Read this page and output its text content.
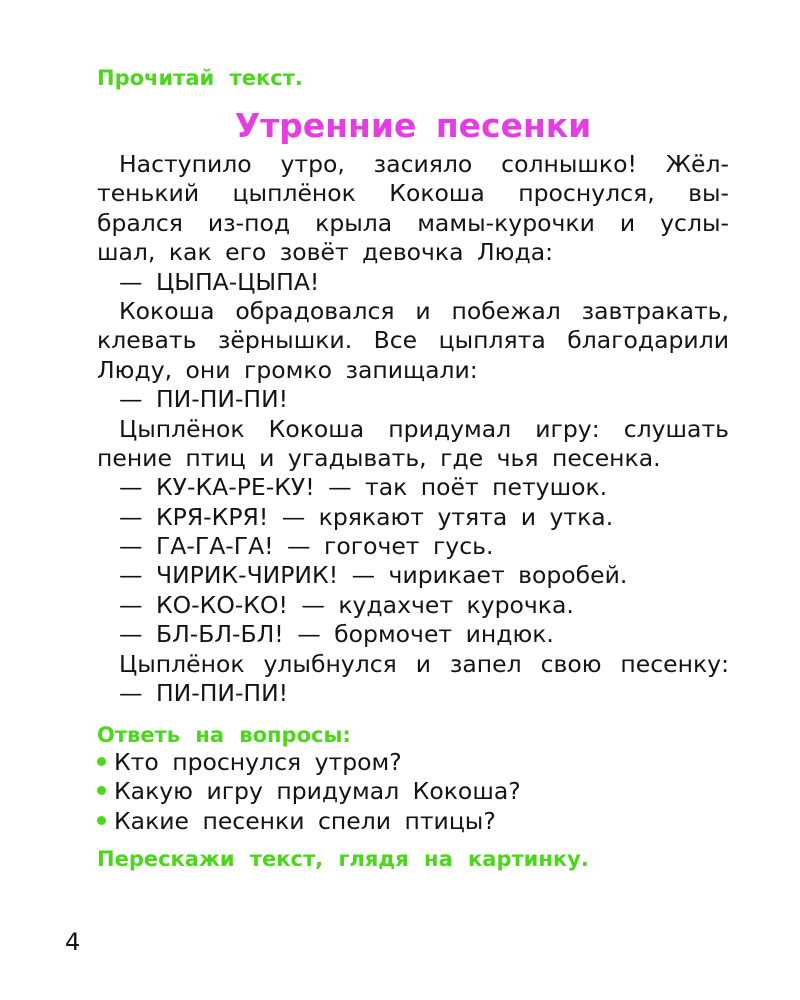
Прочитай текст.
Утренние песенки
Наступило утро, засияло солнышко! Жёл-
тенький цыплёнок Кокоша проснулся, вы-
брался из-под крыла мамы-курочки и услы-
шал, как его зовёт девочка Люда:
— ЦЫПА-ЦЫПА!
Кокоша обрадовался и побежал завтракать,
клевать зёрнышки. Все цыплята благодарили
Люду, они громко запищали:
— ПИ-ПИ-ПИ!
Цыплёнок Кокоша придумал игру: слушать
пение птиц и угадывать, где чья песенка.
— КУ-КА-РЕ-КУ! — так поёт петушок.
— КРЯ-КРЯ! — крякают утята и утка.
— ГА-ГА-ГА! — гогочет гусь.
— ЧИРИК-ЧИРИК! — чирикает воробей.
— КО-КО-КО! — кудахчет курочка.
— БЛ-БЛ-БЛ! — бормочет индюк.
Цыплёнок улыбнулся и запел свою песенку:
— ПИ-ПИ-ПИ!
Ответь на вопросы:
Кто проснулся утром?
Какую игру придумал Кокоша?
Какие песенки спели птицы?
Перескажи текст, глядя на картинку.
4
